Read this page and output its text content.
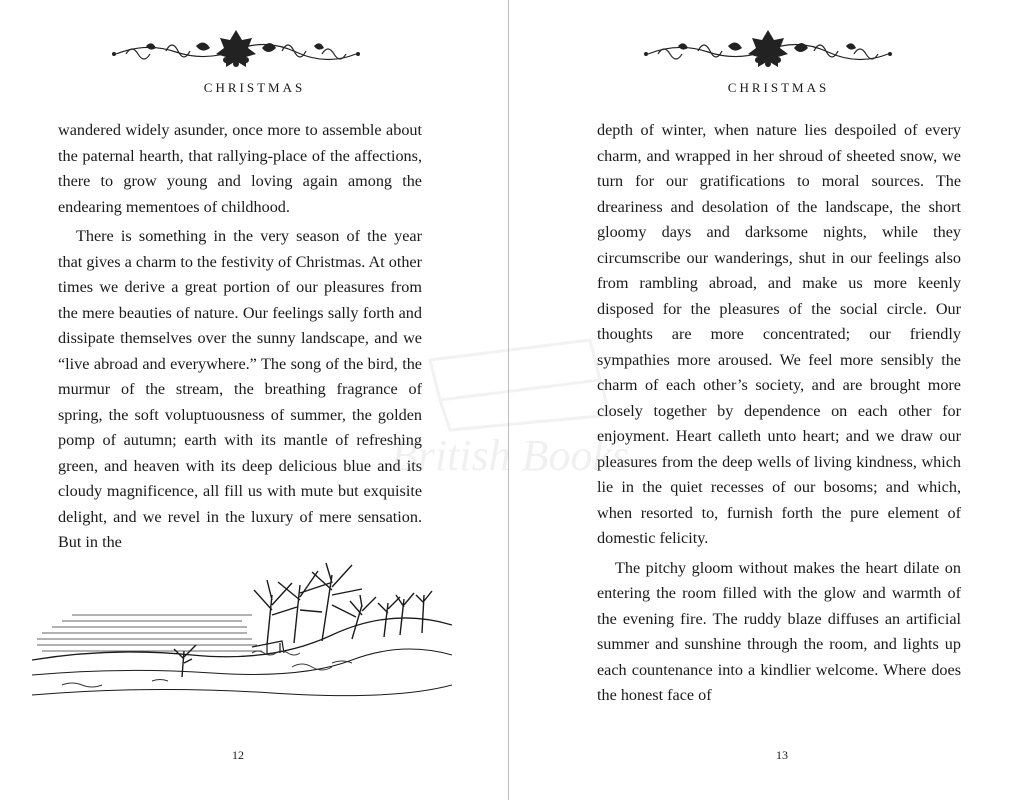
CHRISTMAS

wandered widely asunder, once more to assemble about the paternal hearth, that rallying-place of the affections, there to grow young and loving again among the endearing mementoes of childhood.

There is something in the very season of the year that gives a charm to the festivity of Christmas. At other times we derive a great portion of our pleasures from the mere beauties of nature. Our feelings sally forth and dissipate themselves over the sunny landscape, and we “live abroad and everywhere.” The song of the bird, the murmur of the stream, the breathing fragrance of spring, the soft voluptuousness of summer, the golden pomp of autumn; earth with its mantle of refreshing green, and heaven with its deep delicious blue and its cloudy magnificence, all fill us with mute but exquisite delight, and we revel in the luxury of mere sensation. But in the

12
CHRISTMAS

depth of winter, when nature lies despoiled of every charm, and wrapped in her shroud of sheeted snow, we turn for our gratifications to moral sources. The dreariness and desolation of the landscape, the short gloomy days and darksome nights, while they circumscribe our wanderings, shut in our feelings also from rambling abroad, and make us more keenly disposed for the pleasures of the social circle. Our thoughts are more concentrated; our friendly sympathies more aroused. We feel more sensibly the charm of each other’s society, and are brought more closely together by dependence on each other for enjoyment. Heart calleth unto heart; and we draw our pleasures from the deep wells of living kindness, which lie in the quiet recesses of our bosoms; and which, when resorted to, furnish forth the pure element of domestic felicity.

The pitchy gloom without makes the heart dilate on entering the room filled with the glow and warmth of the evening fire. The ruddy blaze diffuses an artificial summer and sunshine through the room, and lights up each countenance into a kindlier welcome. Where does the honest face of

13
